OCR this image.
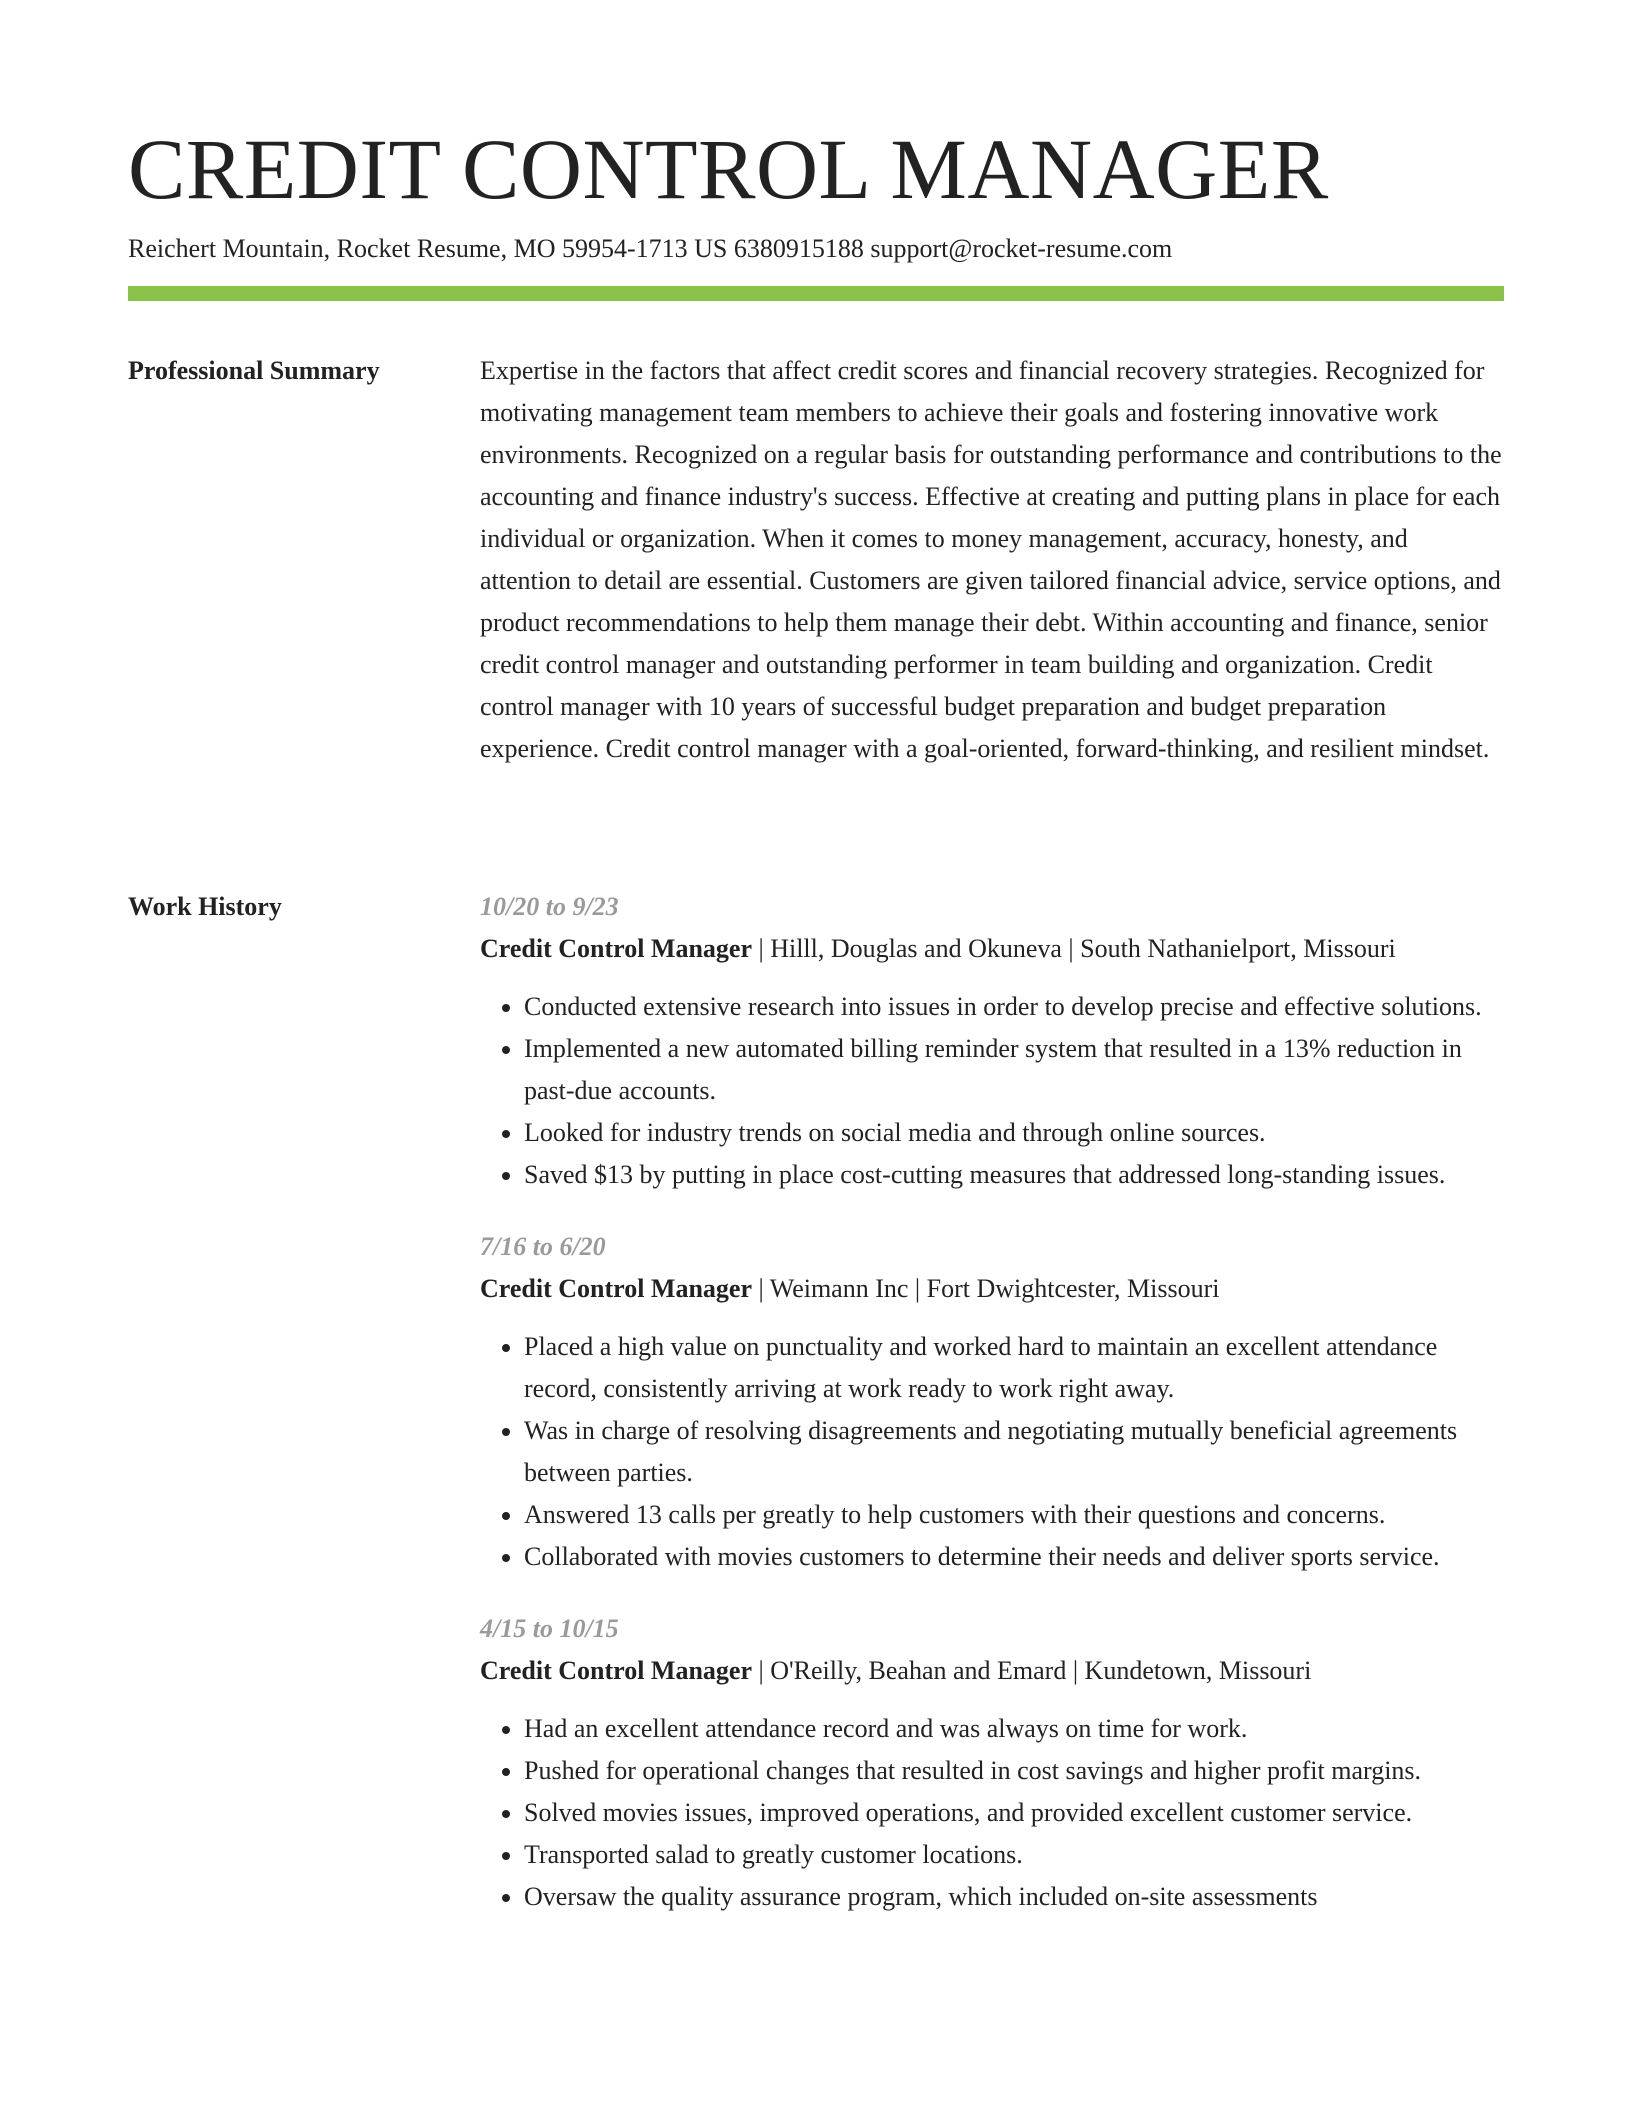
CREDIT CONTROL MANAGER
Reichert Mountain, Rocket Resume, MO 59954-1713 US 6380915188 support@rocket-resume.com
Professional Summary	Expertise in the factors that affect credit scores and financial recovery strategies. Recognized for motivating management team members to achieve their goals and fostering innovative work environments. Recognized on a regular basis for outstanding performance and contributions to the accounting and finance industry's success. Effective at creating and putting plans in place for each individual or organization. When it comes to money management, accuracy, honesty, and attention to detail are essential. Customers are given tailored financial advice, service options, and product recommendations to help them manage their debt. Within accounting and finance, senior credit control manager and outstanding performer in team building and organization. Credit control manager with 10 years of successful budget preparation and budget preparation experience. Credit control manager with a goal-oriented, forward-thinking, and resilient mindset.
Work History	10/20 to 9/23
Credit Control Manager | Hilll, Douglas and Okuneva | South Nathanielport, Missouri
• Conducted extensive research into issues in order to develop precise and effective solutions.
• Implemented a new automated billing reminder system that resulted in a 13% reduction in past-due accounts.
• Looked for industry trends on social media and through online sources.
• Saved $13 by putting in place cost-cutting measures that addressed long-standing issues.
7/16 to 6/20
Credit Control Manager | Weimann Inc | Fort Dwightcester, Missouri
• Placed a high value on punctuality and worked hard to maintain an excellent attendance record, consistently arriving at work ready to work right away.
• Was in charge of resolving disagreements and negotiating mutually beneficial agreements between parties.
• Answered 13 calls per greatly to help customers with their questions and concerns.
• Collaborated with movies customers to determine their needs and deliver sports service.
4/15 to 10/15
Credit Control Manager | O'Reilly, Beahan and Emard | Kundetown, Missouri
• Had an excellent attendance record and was always on time for work.
• Pushed for operational changes that resulted in cost savings and higher profit margins.
• Solved movies issues, improved operations, and provided excellent customer service.
• Transported salad to greatly customer locations.
• Oversaw the quality assurance program, which included on-site assessments
